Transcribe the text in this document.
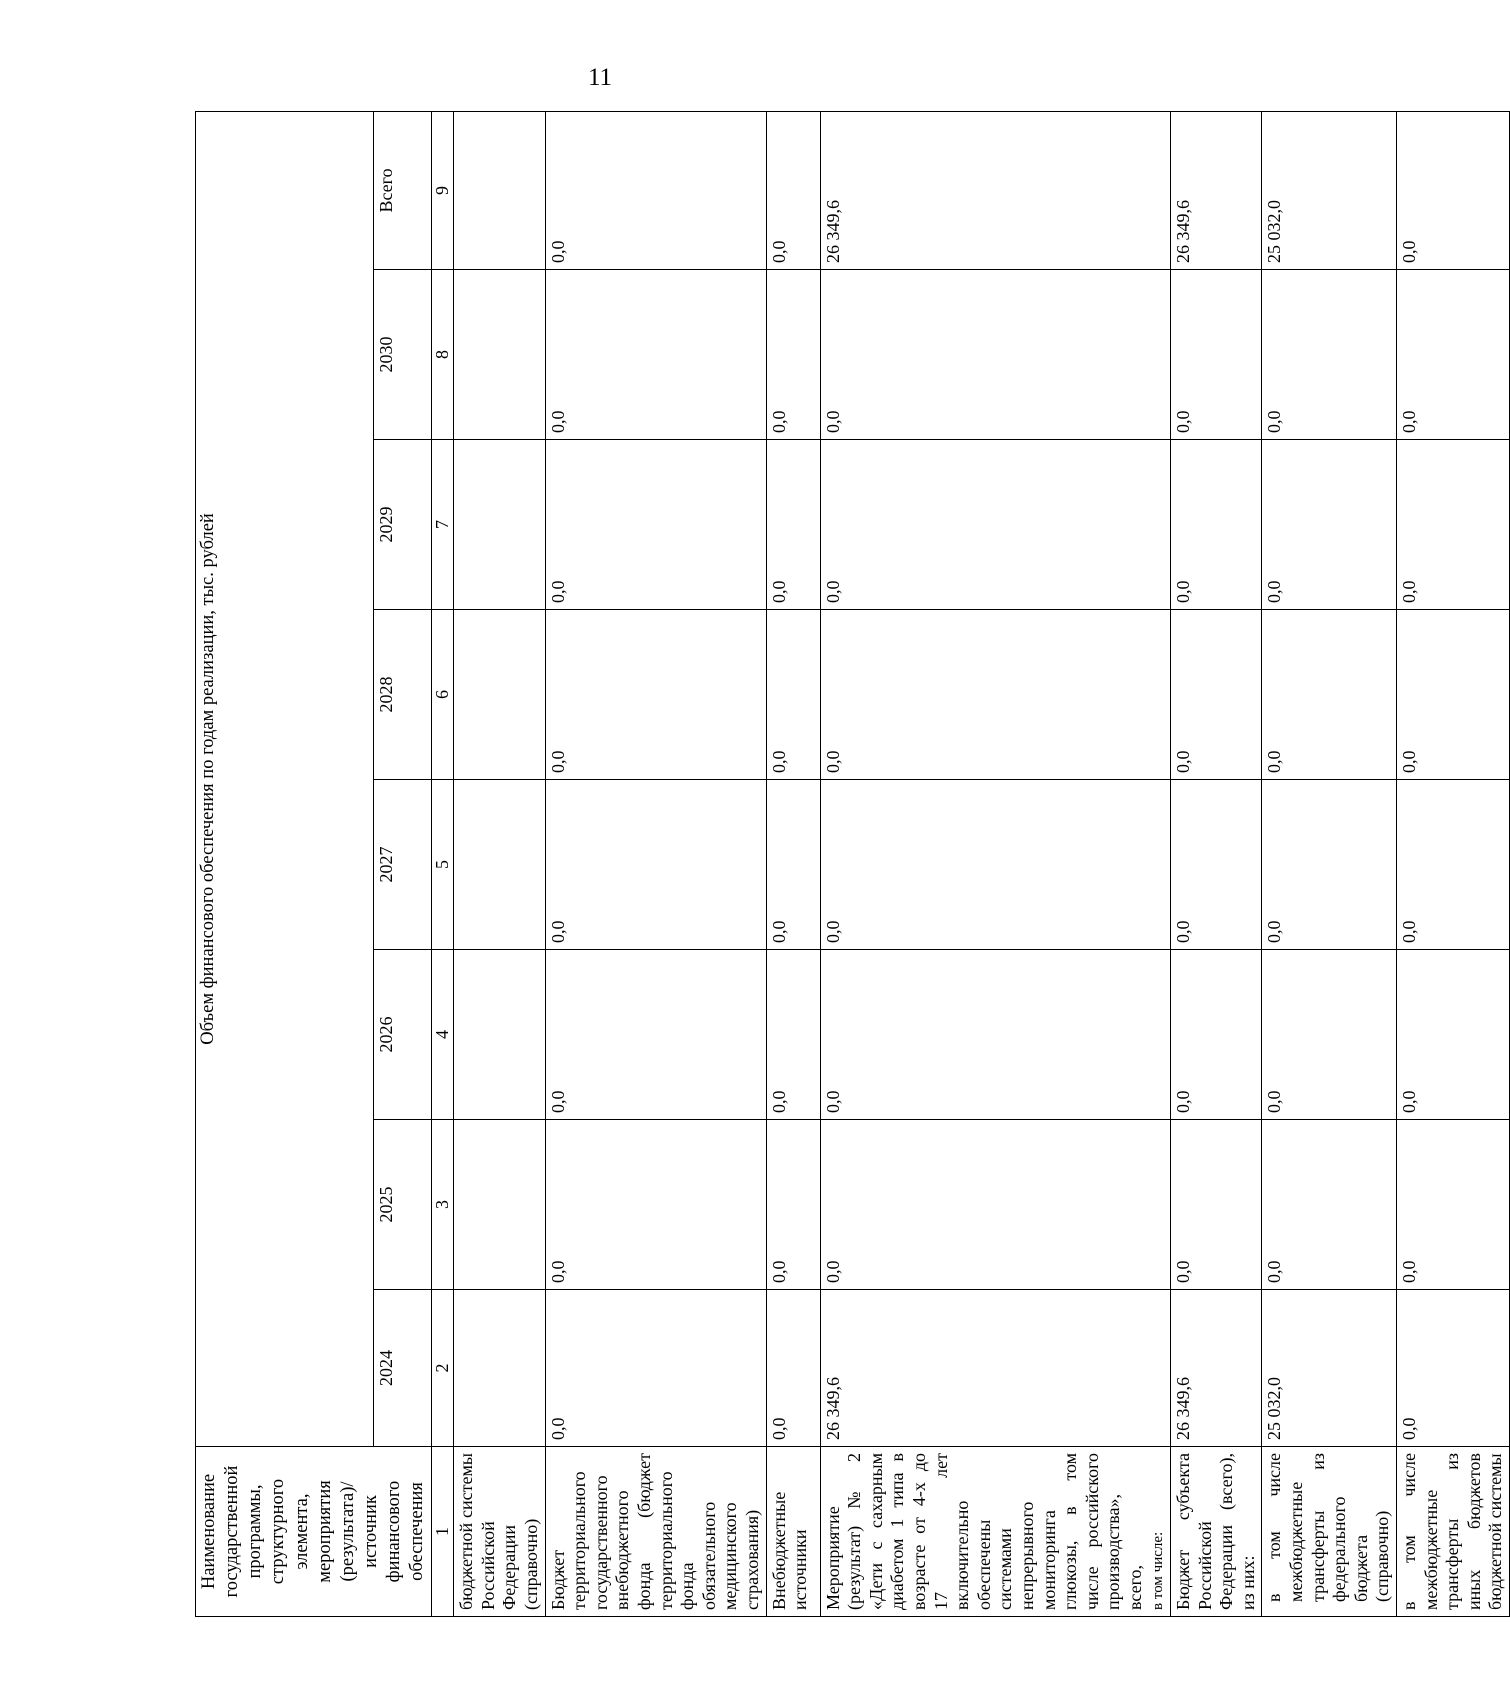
11
Наименование государственной программы, структурного элемента, мероприятия (результата)/источник финансового обеспечения	Объем финансового обеспечения по годам реализации, тыс. рублей							
	2024	2025	2026	2027	2028	2029	2030	Всего
1	2	3	4	5	6	7	8	9
бюджетной системы Российской Федерации (справочно)								
Бюджет территориального государственного внебюджетного фонда (бюджет территориального фонда обязательного медицинского страхования)	0,0	0,0	0,0	0,0	0,0	0,0	0,0	0,0
Внебюджетные источники	0,0	0,0	0,0	0,0	0,0	0,0	0,0	0,0
Мероприятие (результат) № 2 «Дети с сахарным диабетом 1 типа в возрасте от 4-х до 17 лет включительно обеспечены системами непрерывного мониторинга глюкозы, в том числе российского производства», всего, в том числе:	26 349,6	0,0	0,0	0,0	0,0	0,0	0,0	26 349,6
Бюджет субъекта Российской Федерации (всего), из них:	26 349,6	0,0	0,0	0,0	0,0	0,0	0,0	26 349,6
в том числе межбюджетные трансферты из федерального бюджета (справочно)	25 032,0	0,0	0,0	0,0	0,0	0,0	0,0	25 032,0
в том числе межбюджетные трансферты из иных бюджетов бюджетной системы	0,0	0,0	0,0	0,0	0,0	0,0	0,0	0,0
